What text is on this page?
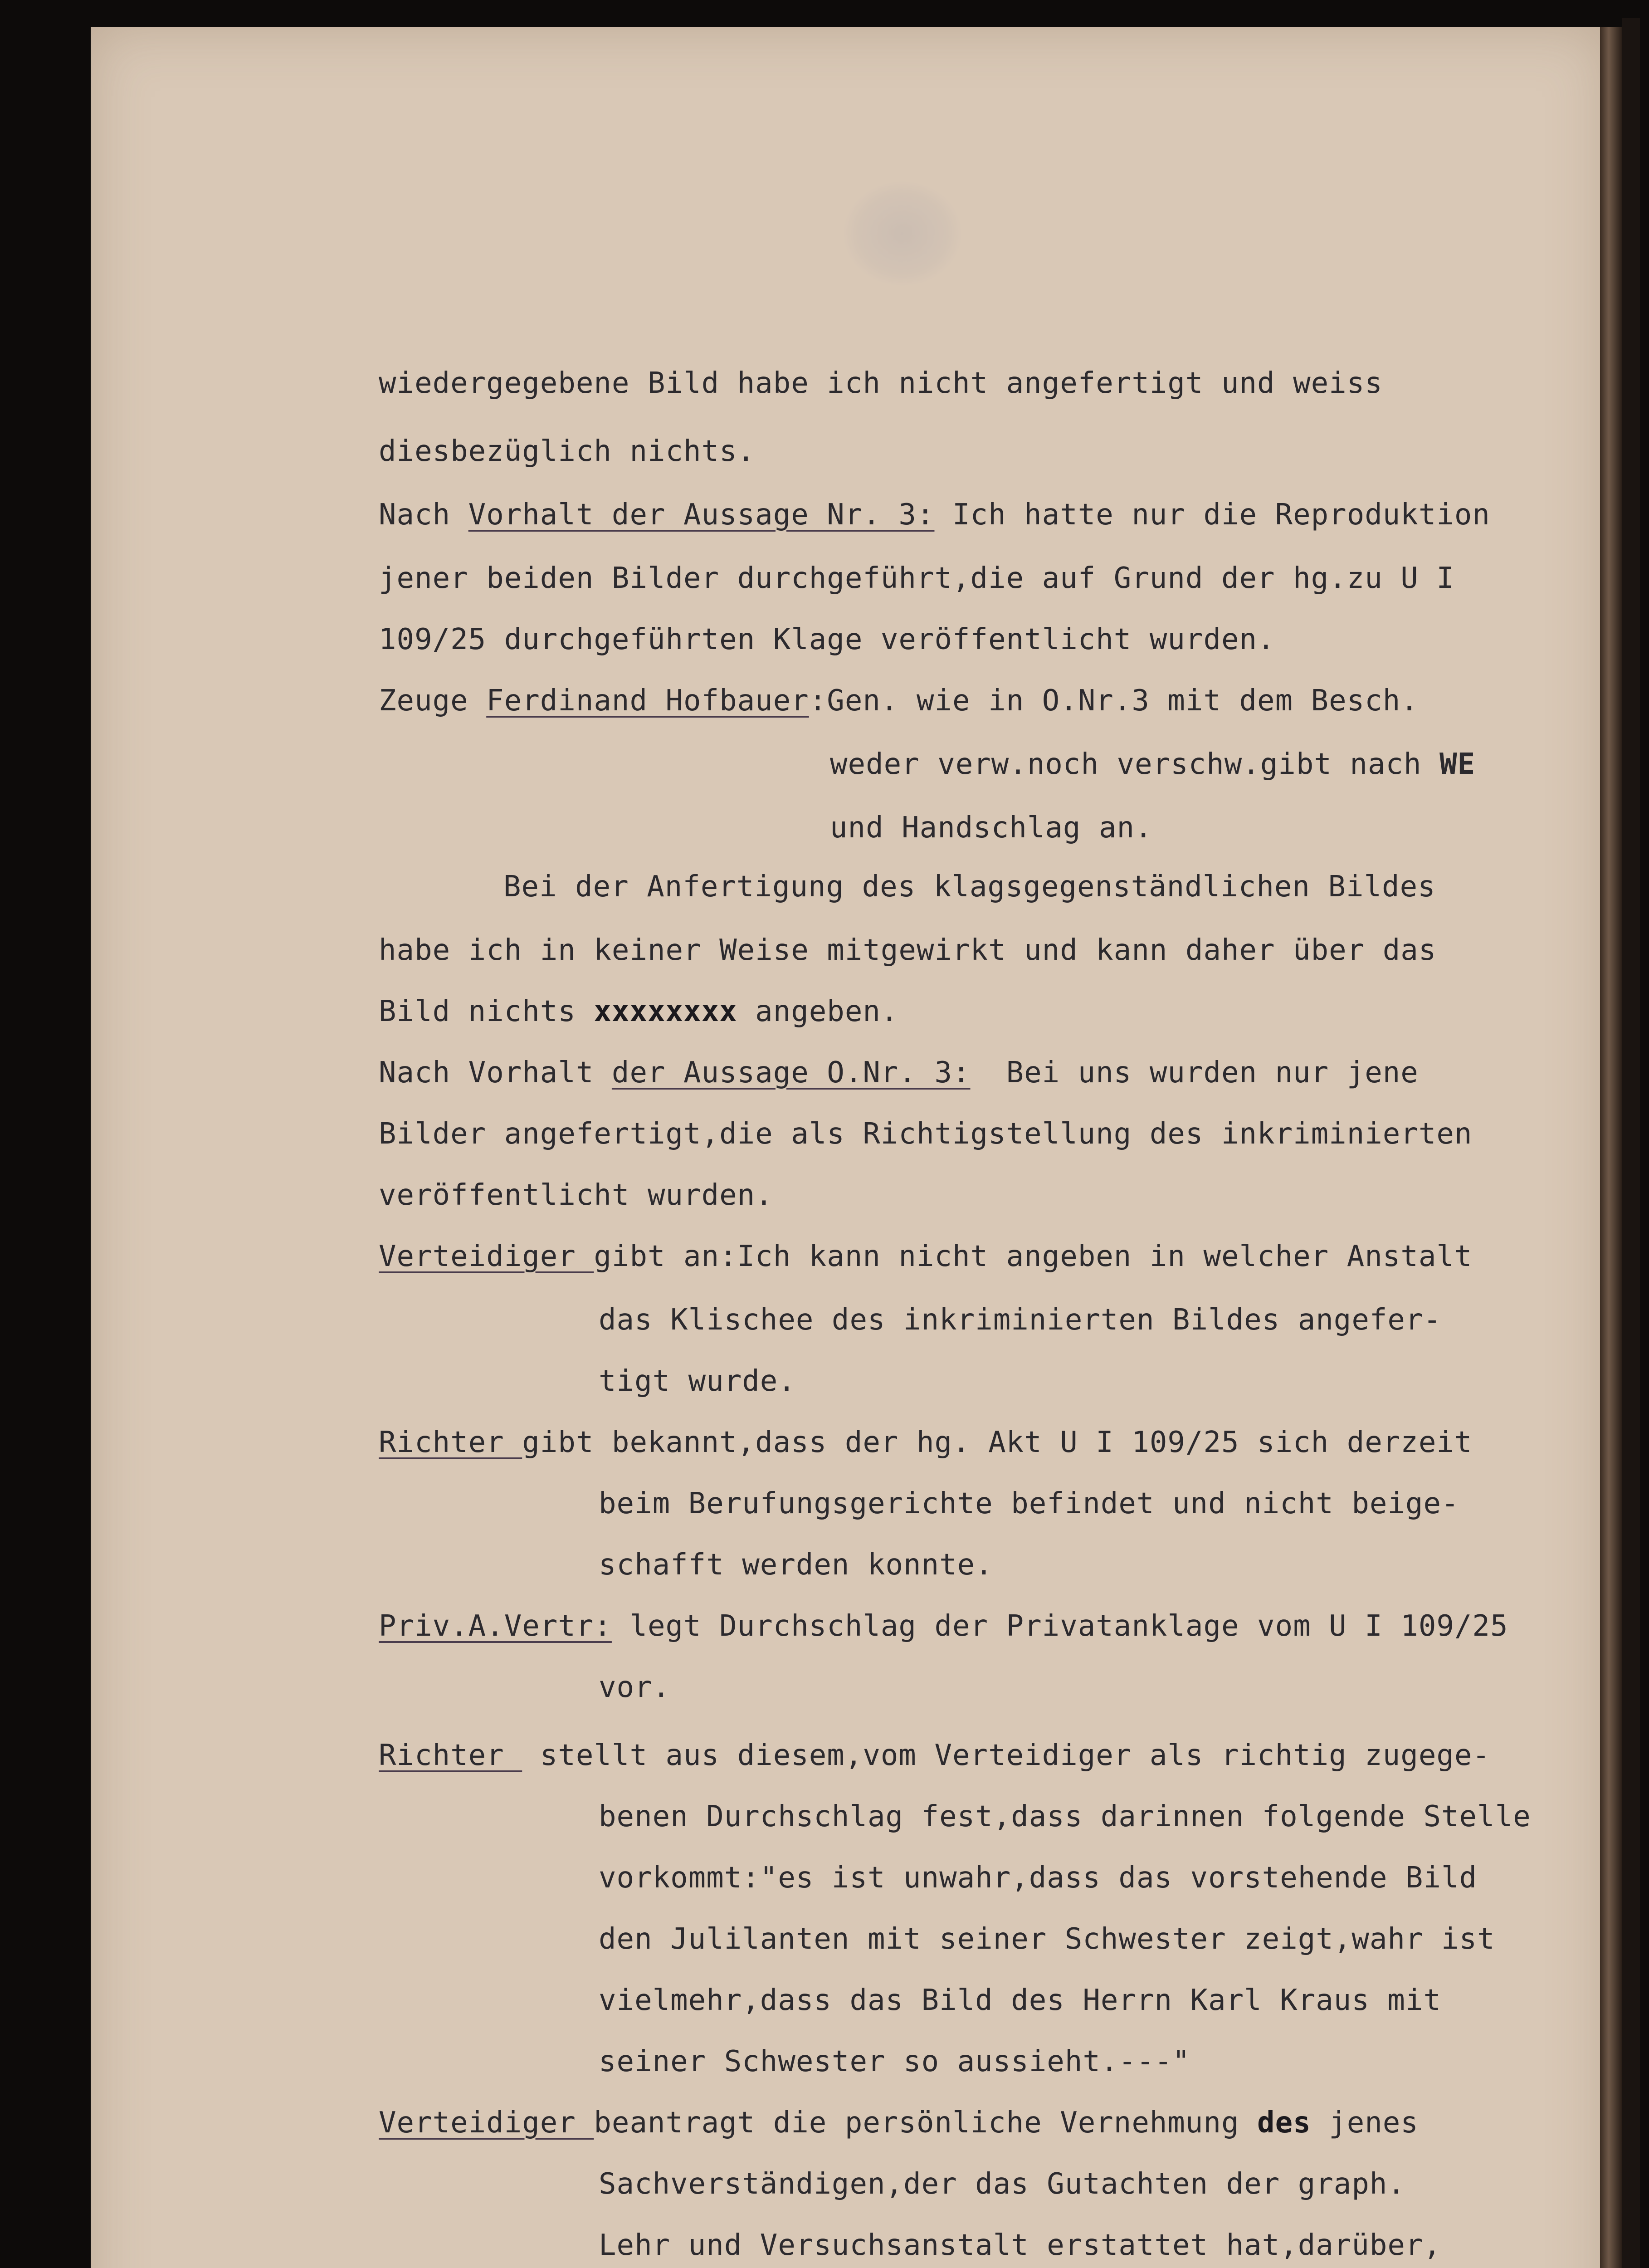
wiedergegebene Bild habe ich nicht angefertigt und weiss
diesbezüglich nichts.
Nach Vorhalt der Aussage Nr. 3: Ich hatte nur die Reproduktion
jener beiden Bilder durchgeführt,die auf Grund der hg.zu U I
109/25 durchgeführten Klage veröffentlicht wurden.
Zeuge Ferdinand Hofbauer:Gen. wie in O.Nr.3 mit dem Besch.
weder verw.noch verschw.gibt nach WE
und Handschlag an.
Bei der Anfertigung des klagsgegenständlichen Bildes
habe ich in keiner Weise mitgewirkt und kann daher über das
Bild nichts xxxxxxxx angeben.
Nach Vorhalt der Aussage O.Nr. 3:  Bei uns wurden nur jene
Bilder angefertigt,die als Richtigstellung des inkriminierten
veröffentlicht wurden.
Verteidiger gibt an:Ich kann nicht angeben in welcher Anstalt
das Klischee des inkriminierten Bildes angefer-
tigt wurde.
Richter gibt bekannt,dass der hg. Akt U I 109/25 sich derzeit
beim Berufungsgerichte befindet und nicht beige-
schafft werden konnte.
Priv.A.Vertr: legt Durchschlag der Privatanklage vom U I 109/25
vor.
Richter  stellt aus diesem,vom Verteidiger als richtig zugege-
benen Durchschlag fest,dass darinnen folgende Stelle
vorkommt:"es ist unwahr,dass das vorstehende Bild
den Julilanten mit seiner Schwester zeigt,wahr ist
vielmehr,dass das Bild des Herrn Karl Kraus mit
seiner Schwester so aussieht.---"
Verteidiger beantragt die persönliche Vernehmung des jenes
Sachverständigen,der das Gutachten der graph.
Lehr und Versuchsanstalt erstattet hat,darüber,
